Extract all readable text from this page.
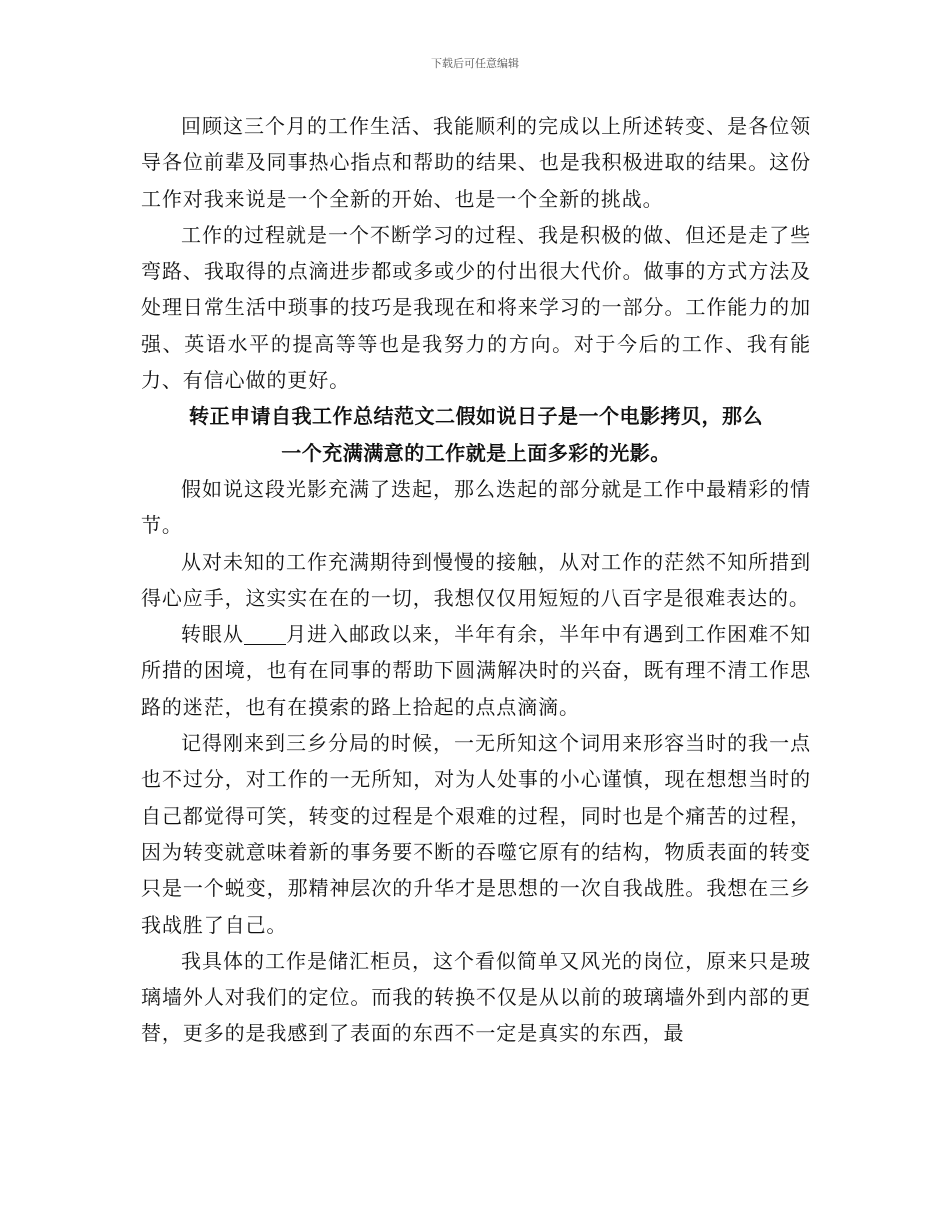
下载后可任意编辑

回顾这三个月的工作生活、我能顺利的完成以上所述转变、是各位领导各位前辈及同事热心指点和帮助的结果、也是我积极进取的结果。这份工作对我来说是一个全新的开始、也是一个全新的挑战。

工作的过程就是一个不断学习的过程、我是积极的做、但还是走了些弯路、我取得的点滴进步都或多或少的付出很大代价。做事的方式方法及处理日常生活中琐事的技巧是我现在和将来学习的一部分。工作能力的加强、英语水平的提高等等也是我努力的方向。对于今后的工作、我有能力、有信心做的更好。

转正申请自我工作总结范文二假如说日子是一个电影拷贝，那么
一个充满满意的工作就是上面多彩的光影。

假如说这段光影充满了迭起，那么迭起的部分就是工作中最精彩的情节。

从对未知的工作充满期待到慢慢的接触，从对工作的茫然不知所措到得心应手，这实实在在的一切，我想仅仅用短短的八百字是很难表达的。

转眼从 月进入邮政以来，半年有余，半年中有遇到工作困难不知所措的困境，也有在同事的帮助下圆满解决时的兴奋，既有理不清工作思路的迷茫，也有在摸索的路上拾起的点点滴滴。

记得刚来到三乡分局的时候，一无所知这个词用来形容当时的我一点也不过分，对工作的一无所知，对为人处事的小心谨慎，现在想想当时的自己都觉得可笑，转变的过程是个艰难的过程，同时也是个痛苦的过程，因为转变就意味着新的事务要不断的吞噬它原有的结构，物质表面的转变只是一个蜕变，那精神层次的升华才是思想的一次自我战胜。我想在三乡我战胜了自己。

我具体的工作是储汇柜员，这个看似简单又风光的岗位，原来只是玻璃墙外人对我们的定位。而我的转换不仅是从以前的玻璃墙外到内部的更替，更多的是我感到了表面的东西不一定是真实的东西，最
